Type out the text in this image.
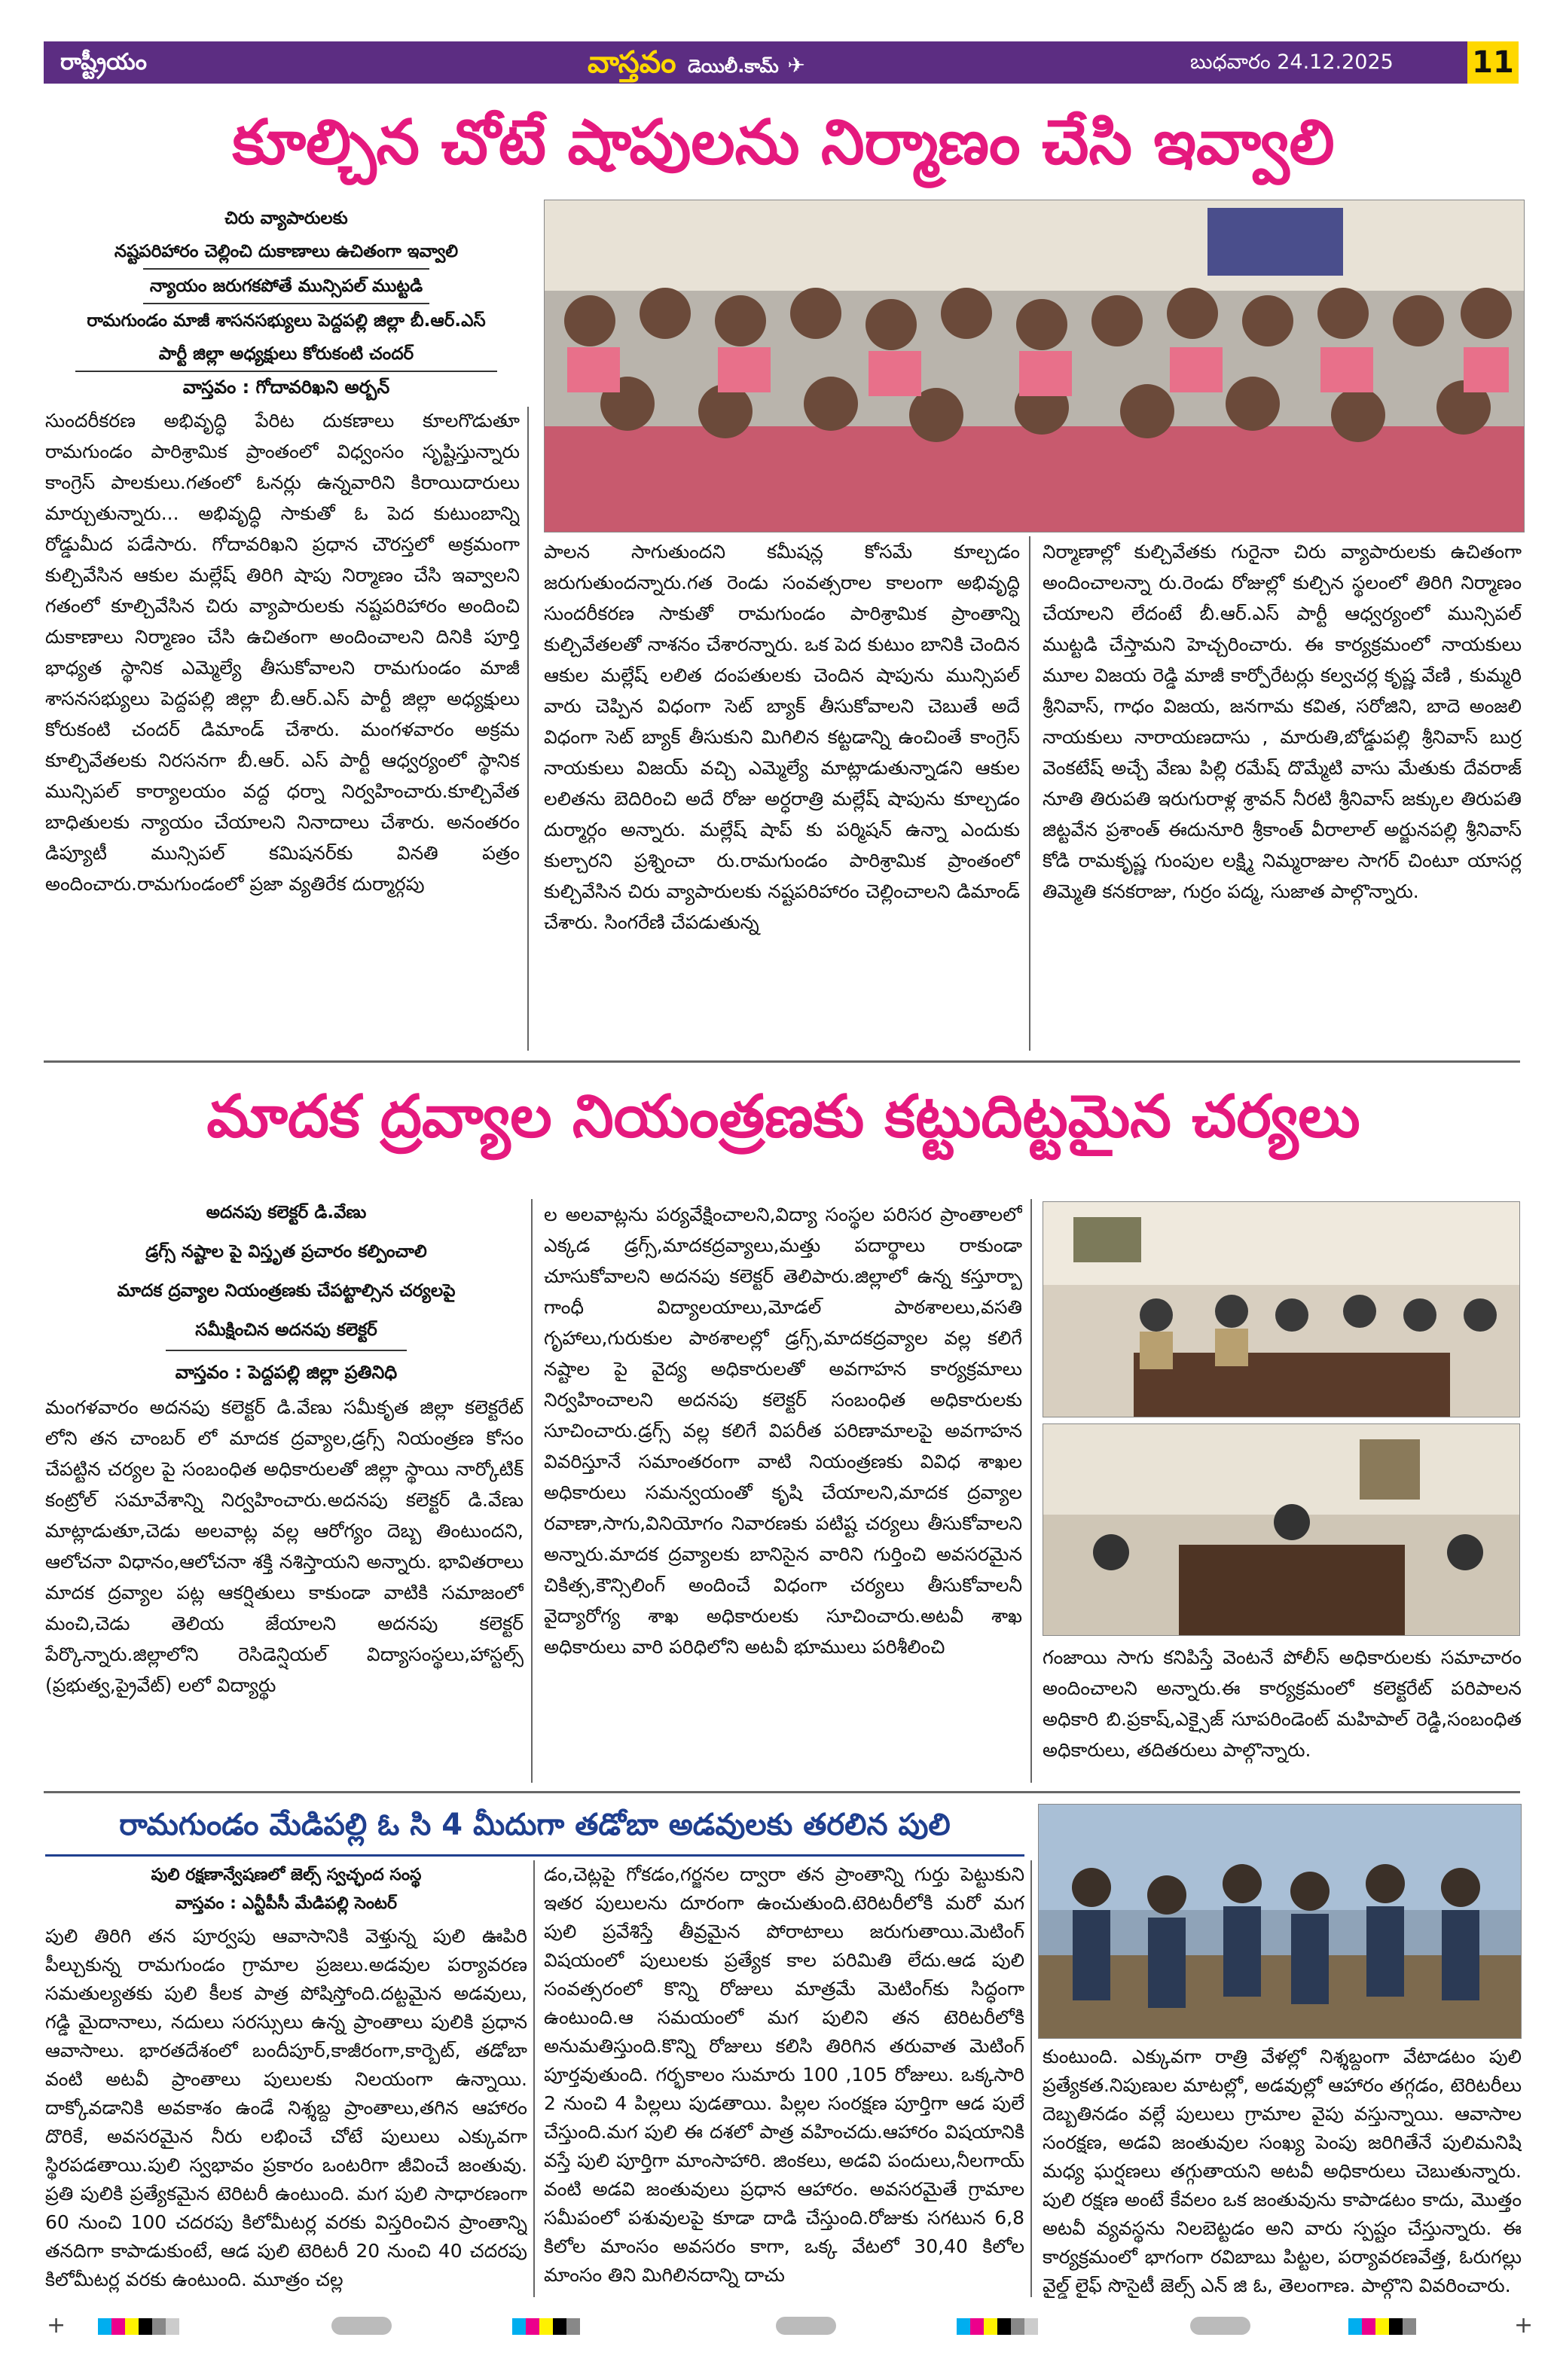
రాష్ట్రీయం	వాస్తవం డెయిలీ.కామ్ ✈	బుధవారం 24.12.2025	11
కూల్చిన చోటే షాపులను నిర్మాణం చేసి ఇవ్వాలి
చిరు వ్యాపారులకు
నష్టపరిహారం చెల్లించి దుకాణాలు ఉచితంగా ఇవ్వాలి
న్యాయం జరుగకపోతే మున్సిపల్ ముట్టడి
రామగుండం మాజీ శాసనసభ్యులు పెద్దపల్లి జిల్లా బీ.ఆర్.ఎస్
పార్టీ జిల్లా అధ్యక్షులు కోరుకంటి చందర్
వాస్తవం : గోదావరిఖని అర్బన్

సుందరీకరణ అభివృద్ధి పేరిట దుకణాలు కూలగొడుతూ రామగుండం పారిశ్రామిక ప్రాంతంలో విధ్వంసం సృష్టిస్తున్నారు కాంగ్రెస్ పాలకులు.గతంలో ఓనర్లు ఉన్నవారిని కిరాయిదారులు మార్చుతున్నారు... అభివృద్ధి సాకుతో ఓ పెద కుటుంబాన్ని రోడ్డుమీద పడేసారు. గోదావరిఖని ప్రధాన చౌరస్తలో అక్రమంగా కుల్చివేసిన ఆకుల మల్లేష్ తిరిగి షాపు నిర్మాణం చేసి ఇవ్వాలని గతంలో కూల్చివేసిన చిరు వ్యాపారులకు నష్టపరిహారం అందించి దుకాణాలు నిర్మాణం చేసి ఉచితంగా అందించాలని దినికి పూర్తి భాధ్యత స్థానిక ఎమ్మెల్యే తీసుకోవాలని రామగుండం మాజీ శాసనసభ్యులు పెద్దపల్లి జిల్లా బీ.ఆర్.ఎస్ పార్టీ జిల్లా అధ్యక్షులు కోరుకంటి చందర్ డిమాండ్ చేశారు. మంగళవారం అక్రమ కూల్చివేతలకు నిరసనగా బీ.ఆర్. ఎస్ పార్టీ ఆధ్వర్యంలో స్థానిక మున్సిపల్ కార్యాలయం వద్ద ధర్నా నిర్వహించారు.కూల్చివేత బాధితులకు న్యాయం చేయాలని నినాదాలు చేశారు. అనంతరం డిప్యూటీ మున్సిపల్ కమిషనర్‌కు వినతి పత్రం అందించారు.రామగుండంలో ప్రజా వ్యతిరేక దుర్మార్గపు

పాలన సాగుతుందని కమీషన్ల కోసమే కూల్చడం జరుగుతుందన్నారు.గత రెండు సంవత్సరాల కాలంగా అభివృద్ధి సుందరీకరణ సాకుతో రామగుండం పారిశ్రామిక ప్రాంతాన్ని కుల్చివేతలతో నాశనం చేశారన్నారు. ఒక పెద కుటుం బానికి చెందిన ఆకుల మల్లేష్ లలిత దంపతులకు చెందిన షాపును మున్సిపల్ వారు చెప్పిన విధంగా సెట్ బ్యాక్ తీసుకోవాలని చెబుతే అదే విధంగా సెట్ బ్యాక్ తీసుకుని మిగిలిన కట్టడాన్ని ఉంచింతే కాంగ్రెస్ నాయకులు విజయ్ వచ్చి ఎమ్మెల్యే మాట్లాడుతున్నాడని ఆకుల లలితను బెదిరించి అదే రోజు అర్ధరాత్రి మల్లేష్ షాపును కూల్చడం దుర్మార్గం అన్నారు. మల్లేష్ షాప్ కు పర్మిషన్ ఉన్నా ఎందుకు కుల్చారని ప్రశ్నించా రు.రామగుండం పారిశ్రామిక ప్రాంతంలో కుల్చివేసిన చిరు వ్యాపారులకు నష్టపరిహారం చెల్లించాలని డిమాండ్ చేశారు. సింగరేణి చేపడుతున్న

నిర్మాణాల్లో కుల్చివేతకు గురైనా చిరు వ్యాపారులకు ఉచితంగా అందించాలన్నా రు.రెండు రోజుల్లో కుల్చిన స్థలంలో తిరిగి నిర్మాణం చేయాలని లేదంటే బీ.ఆర్.ఎస్ పార్టీ ఆధ్వర్యంలో మున్సిపల్ ముట్టడి చేస్తామని హెచ్చరించారు. ఈ కార్యక్రమంలో నాయకులు మూల విజయ రెడ్డి మాజీ కార్పోరేటర్లు కల్వచర్ల కృష్ణ వేణి , కుమ్మరి శ్రీనివాస్, గాధం విజయ, జనగామ కవిత, సరోజిని, బాదె అంజలి నాయకులు నారాయణదాసు , మారుతి,బోడ్డుపల్లి శ్రీనివాస్ బుర్ర వెంకటేష్ అచ్చే వేణు పిల్లి రమేష్ దొమ్మేటి వాసు మేతుకు దేవరాజ్ నూతి తిరుపతి ఇరుగురాళ్ల శ్రావన్ నీరటి శ్రీనివాస్ జక్కుల తిరుపతి జిట్టవేన ప్రశాంత్ ఈదునూరి శ్రీకాంత్ వీరాలాల్ అర్జునపల్లి శ్రీనివాస్ కోడి రామకృష్ణ గుంపుల లక్ష్మి నిమ్మరాజుల సాగర్ చింటూ యాసర్ల తిమ్మెతి కనకరాజు, గుర్రం పద్మ, సుజాత పాల్గొన్నారు.

మాదక ద్రవ్యాల నియంత్రణకు కట్టుదిట్టమైన చర్యలు
అదనపు కలెక్టర్ డి.వేణు
డ్రగ్స్ నష్టాల పై విస్తృత ప్రచారం కల్పించాలి
మాదక ద్రవ్యాల నియంత్రణకు చేపట్టాల్సిన చర్యలపై
సమీక్షించిన అదనపు కలెక్టర్
వాస్తవం : పెద్దపల్లి జిల్లా ప్రతినిధి

మంగళవారం అదనపు కలెక్టర్ డి.వేణు సమీకృత జిల్లా కలెక్టరేట్ లోని తన చాంబర్ లో మాదక ద్రవ్యాల,డ్రగ్స్ నియంత్రణ కోసం చేపట్టిన చర్యల పై సంబంధిత అధికారులతో జిల్లా స్థాయి నార్కోటిక్ కంట్రోల్ సమావేశాన్ని నిర్వహించారు.అదనపు కలెక్టర్ డి.వేణు మాట్లాడుతూ,చెడు అలవాట్ల వల్ల ఆరోగ్యం దెబ్బ తింటుందని, ఆలోచనా విధానం,ఆలోచనా శక్తి నశిస్తాయని అన్నారు. భావితరాలు మాదక ద్రవ్యాల పట్ల ఆకర్షితులు కాకుండా వాటికి సమాజంలో మంచి,చెడు తెలియ జేయాలని అదనపు కలెక్టర్ పేర్కొన్నారు.జిల్లాలోని రెసిడెన్షియల్ విద్యాసంస్థలు,హాస్టల్స్ (ప్రభుత్వ,ప్రైవేట్) లలో విద్యార్థు

ల అలవాట్లను పర్యవేక్షించాలని,విద్యా సంస్థల పరిసర ప్రాంతాలలో ఎక్కడ డ్రగ్స్,మాదకద్రవ్యాలు,మత్తు పదార్థాలు రాకుండా చూసుకోవాలని అదనపు కలెక్టర్ తెలిపారు.జిల్లాలో ఉన్న కస్తూర్బా గాంధీ విద్యాలయాలు,మోడల్ పాఠశాలలు,వసతి గృహాలు,గురుకుల పాఠశాలల్లో డ్రగ్స్,మాదకద్రవ్యాల వల్ల కలిగే నష్టాల పై వైద్య అధికారులతో అవగాహన కార్యక్రమాలు నిర్వహించాలని అదనపు కలెక్టర్ సంబంధిత అధికారులకు సూచించారు.డ్రగ్స్ వల్ల కలిగే విపరీత పరిణామాలపై అవగాహన వివరిస్తూనే సమాంతరంగా వాటి నియంత్రణకు వివిధ శాఖల అధికారులు సమన్వయంతో కృషి చేయాలని,మాదక ద్రవ్యాల రవాణా,సాగు,వినియోగం నివారణకు పటిష్ట చర్యలు తీసుకోవాలని అన్నారు.మాదక ద్రవ్యాలకు బానిసైన వారిని గుర్తించి అవసరమైన చికిత్స,కౌన్సిలింగ్ అందించే విధంగా చర్యలు తీసుకోవాలనీ వైద్యారోగ్య శాఖ అధికారులకు సూచించారు.అటవీ శాఖ అధికారులు వారి పరిధిలోని అటవీ భూములు పరిశీలించి	గంజాయి సాగు కనిపిస్తే వెంటనే పోలీస్ అధికారులకు సమాచారం అందించాలని అన్నారు.ఈ కార్యక్రమంలో కలెక్టరేట్ పరిపాలన అధికారి బి.ప్రకాష్,ఎక్సైజ్ సూపరిండెంట్ మహిపాల్ రెడ్డి,సంబంధిత అధికారులు, తదితరులు పాల్గొన్నారు.

రామగుండం మేడిపల్లి ఓ సి 4 మీదుగా తడోబా అడవులకు తరలిన పులి
పులి రక్షణాన్వేషణలో జెల్స్ స్వచ్ఛంద సంస్థ
వాస్తవం : ఎన్టీపీసీ మేడిపల్లి సెంటర్

పులి తిరిగి తన పూర్వపు ఆవాసానికి వెళ్తున్న పులి ఊపిరి పీల్చుకున్న రామగుండం గ్రామాల ప్రజలు.అడవుల పర్యావరణ సమతుల్యతకు పులి కీలక పాత్ర పోషిస్తోంది.దట్టమైన అడవులు, గడ్డి మైదానాలు, నదులు సరస్సులు ఉన్న ప్రాంతాలు పులికి ప్రధాన ఆవాసాలు. భారతదేశంలో బందీపూర్,కాజీరంగా,కార్బెట్, తడోబా వంటి అటవీ ప్రాంతాలు పులులకు నిలయంగా ఉన్నాయి. దాక్కోవడానికి అవకాశం ఉండే నిశ్శబ్ద ప్రాంతాలు,తగిన ఆహారం దొరికే, అవసరమైన నీరు లభించే చోటే పులులు ఎక్కువగా స్థిరపడతాయి.పులి స్వభావం ప్రకారం ఒంటరిగా జీవించే జంతువు. ప్రతి పులికి ప్రత్యేకమైన టెరిటరీ ఉంటుంది. మగ పులి సాధారణంగా 60 నుంచి 100 చదరపు కిలోమీటర్ల వరకు విస్తరించిన ప్రాంతాన్ని తనదిగా కాపాడుకుంటే, ఆడ పులి టెరిటరీ 20 నుంచి 40 చదరపు కిలోమీటర్ల వరకు ఉంటుంది. మూత్రం చల్ల

డం,చెట్లపై గోకడం,గర్జనల ద్వారా తన ప్రాంతాన్ని గుర్తు పెట్టుకుని ఇతర పులులను దూరంగా ఉంచుతుంది.టెరిటరీలోకి మరో మగ పులి ప్రవేశిస్తే తీవ్రమైన పోరాటాలు జరుగుతాయి.మెటింగ్ విషయంలో పులులకు ప్రత్యేక కాల పరిమితి లేదు.ఆడ పులి సంవత్సరంలో కొన్ని రోజులు మాత్రమే మెటింగ్‌కు సిద్ధంగా ఉంటుంది.ఆ సమయంలో మగ పులిని తన టెరిటరీలోకి అనుమతిస్తుంది.కొన్ని రోజులు కలిసి తిరిగిన తరువాత మెటింగ్ పూర్తవుతుంది. గర్భకాలం సుమారు 100 ,105 రోజులు. ఒక్కసారి 2 నుంచి 4 పిల్లలు పుడతాయి. పిల్లల సంరక్షణ పూర్తిగా ఆడ పులే చేస్తుంది.మగ పులి ఈ దశలో పాత్ర వహించదు.ఆహారం విషయానికి వస్తే పులి పూర్తిగా మాంసాహారి. జింకలు, అడవి పందులు,నీలగాయ్ వంటి అడవి జంతువులు ప్రధాన ఆహారం. అవసరమైతే గ్రామాల సమీపంలో పశువులపై కూడా దాడి చేస్తుంది.రోజుకు సగటున 6,8 కిలోల మాంసం అవసరం కాగా, ఒక్క వేటలో 30,40 కిలోల మాంసం తిని మిగిలినదాన్ని దాచు

కుంటుంది. ఎక్కువగా రాత్రి వేళల్లో నిశ్శబ్దంగా వేటాడటం పులి ప్రత్యేకత.నిపుణుల మాటల్లో, అడవుల్లో ఆహారం తగ్గడం, టెరిటరీలు దెబ్బతినడం వల్లే పులులు గ్రామాల వైపు వస్తున్నాయి. ఆవాసాల సంరక్షణ, అడవి జంతువుల సంఖ్య పెంపు జరిగితేనే పులిమనిషి మధ్య ఘర్షణలు తగ్గుతాయని అటవీ అధికారులు చెబుతున్నారు. పులి రక్షణ అంటే కేవలం ఒక జంతువును కాపాడటం కాదు, మొత్తం అటవీ వ్యవస్థను నిలబెట్టడం అని వారు స్పష్టం చేస్తున్నారు. ఈ కార్యక్రమంలో భాగంగా రవిబాబు పిట్టల, పర్యావరణవేత్త, ఓరుగల్లు వైల్డ్ లైఫ్ సొసైటీ జెల్స్ ఎన్ జి ఓ, తెలంగాణ. పాల్గొని వివరించారు.

+	+
